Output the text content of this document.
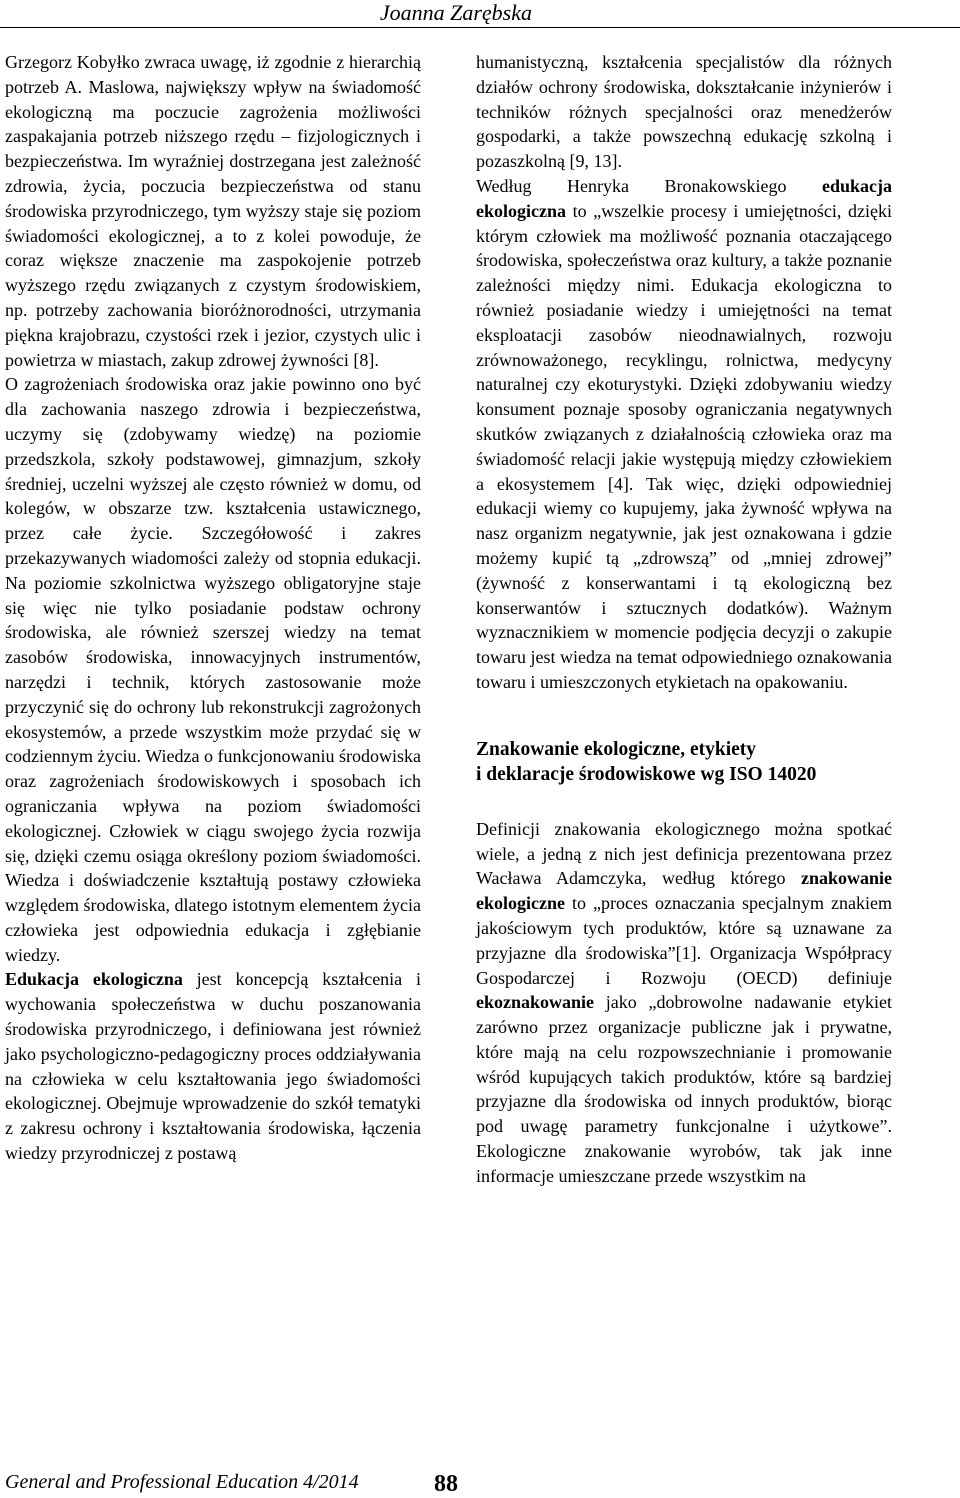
Joanna Zarębska

Grzegorz Kobyłko zwraca uwagę, iż zgodnie z hierarchią potrzeb A. Maslowa, największy wpływ na świadomość ekologiczną ma poczucie zagrożenia możliwości zaspakajania potrzeb niższego rzędu – fizjologicznych i bezpieczeństwa. Im wyraźniej dostrzegana jest zależność zdrowia, życia, poczucia bezpieczeństwa od stanu środowiska przyrodniczego, tym wyższy staje się poziom świadomości ekologicznej, a to z kolei powoduje, że coraz większe znaczenie ma zaspokojenie potrzeb wyższego rzędu związanych z czystym środowiskiem, np. potrzeby zachowania bioróżnorodności, utrzymania piękna krajobrazu, czystości rzek i jezior, czystych ulic i powietrza w miastach, zakup zdrowej żywności [8].

O zagrożeniach środowiska oraz jakie powinno ono być dla zachowania naszego zdrowia i bezpieczeństwa, uczymy się (zdobywamy wiedzę) na poziomie przedszkola, szkoły podstawowej, gimnazjum, szkoły średniej, uczelni wyższej ale często również w domu, od kolegów, w obszarze tzw. kształcenia ustawicznego, przez całe życie. Szczegółowość i zakres przekazywanych wiadomości zależy od stopnia edukacji. Na poziomie szkolnictwa wyższego obligatoryjne staje się więc nie tylko posiadanie podstaw ochrony środowiska, ale również szerszej wiedzy na temat zasobów środowiska, innowacyjnych instrumentów, narzędzi i technik, których zastosowanie może przyczynić się do ochrony lub rekonstrukcji zagrożonych ekosystemów, a przede wszystkim może przydać się w codziennym życiu. Wiedza o funkcjonowaniu środowiska oraz zagrożeniach środowiskowych i sposobach ich ograniczania wpływa na poziom świadomości ekologicznej. Człowiek w ciągu swojego życia rozwija się, dzięki czemu osiąga określony poziom świadomości. Wiedza i doświadczenie kształtują postawy człowieka względem środowiska, dlatego istotnym elementem życia człowieka jest odpowiednia edukacja i zgłębianie wiedzy.

Edukacja ekologiczna jest koncepcją kształcenia i wychowania społeczeństwa w duchu poszanowania środowiska przyrodniczego, i definiowana jest również jako psychologiczno-pedagogiczny proces oddziaływania na człowieka w celu kształtowania jego świadomości ekologicznej. Obejmuje wprowadzenie do szkół tematyki z zakresu ochrony i kształtowania środowiska, łączenia wiedzy przyrodniczej z postawą

humanistyczną, kształcenia specjalistów dla różnych działów ochrony środowiska, dokształcanie inżynierów i techników różnych specjalności oraz menedżerów gospodarki, a także powszechną edukację szkolną i pozaszkolną [9, 13].

Według Henryka Bronakowskiego edukacja ekologiczna to „wszelkie procesy i umiejętności, dzięki którym człowiek ma możliwość poznania otaczającego środowiska, społeczeństwa oraz kultury, a także poznanie zależności między nimi. Edukacja ekologiczna to również posiadanie wiedzy i umiejętności na temat eksploatacji zasobów nieodnawialnych, rozwoju zrównoważonego, recyklingu, rolnictwa, medycyny naturalnej czy ekoturystyki. Dzięki zdobywaniu wiedzy konsument poznaje sposoby ograniczania negatywnych skutków związanych z działalnością człowieka oraz ma świadomość relacji jakie występują między człowiekiem a ekosystemem [4]. Tak więc, dzięki odpowiedniej edukacji wiemy co kupujemy, jaka żywność wpływa na nasz organizm negatywnie, jak jest oznakowana i gdzie możemy kupić tą „zdrowszą” od „mniej zdrowej” (żywność z konserwantami i tą ekologiczną bez konserwantów i sztucznych dodatków). Ważnym wyznacznikiem w momencie podjęcia decyzji o zakupie towaru jest wiedza na temat odpowiedniego oznakowania towaru i umieszczonych etykietach na opakowaniu.

Znakowanie ekologiczne, etykiety
i deklaracje środowiskowe wg ISO 14020

Definicji znakowania ekologicznego można spotkać wiele, a jedną z nich jest definicja prezentowana przez Wacława Adamczyka, według którego znakowanie ekologiczne to „proces oznaczania specjalnym znakiem jakościowym tych produktów, które są uznawane za przyjazne dla środowiska”[1]. Organizacja Współpracy Gospodarczej i Rozwoju (OECD) definiuje ekoznakowanie jako „dobrowolne nadawanie etykiet zarówno przez organizacje publiczne jak i prywatne, które mają na celu rozpowszechnianie i promowanie wśród kupujących takich produktów, które są bardziej przyjazne dla środowiska od innych produktów, biorąc pod uwagę parametry funkcjonalne i użytkowe”. Ekologiczne znakowanie wyrobów, tak jak inne informacje umieszczane przede wszystkim na

General and Professional Education 4/2014	88
